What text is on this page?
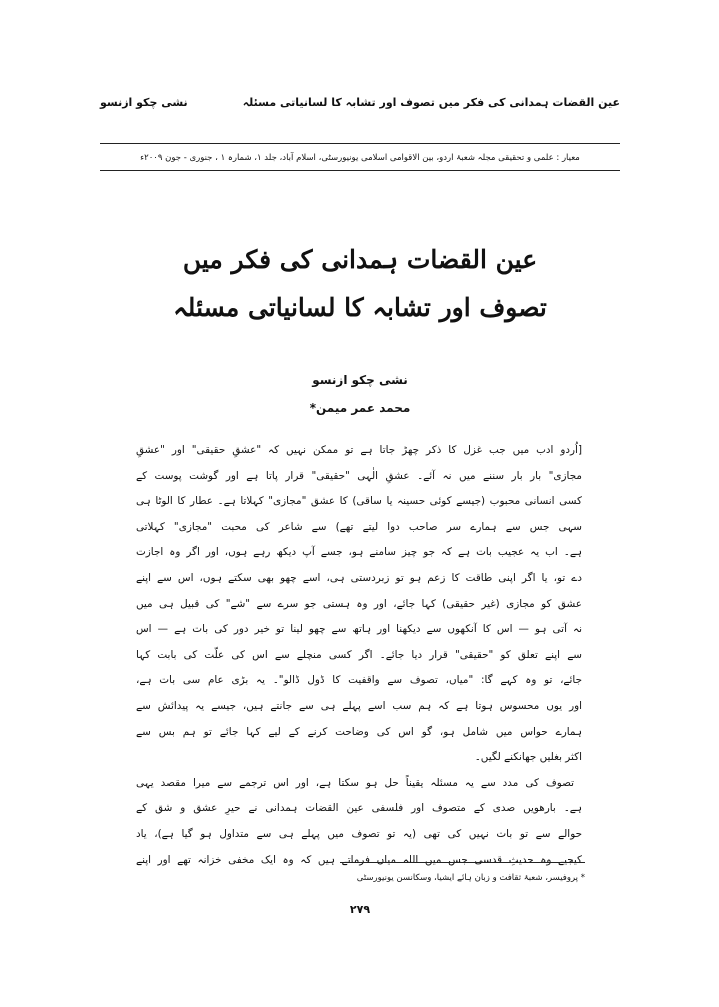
عین القضات ہمدانی کی فکر میں تصوف اور تشابہ کا لسانیاتی مسئلہ
نشی چکو ازنسو
معیار : علمی و تحقیقی مجلہ شعبۂ اردو، بین الاقوامی اسلامی یونیورسٹی، اسلام آباد، جلد ۱، شمارہ ۱ ، جنوری - جون ۲۰۰۹ء
عین القضات ہمدانی کی فکر میں
تصوف اور تشابہ کا لسانیاتی مسئلہ
نشی چکو ازنسو
محمد عمر میمن*
[اُردو ادب میں جب غزل کا ذکر چھڑ جاتا ہے تو ممکن نہیں کہ "عشقِ حقیقی" اور "عشقِ
مجازی" بار بار سننے میں نہ آئے۔ عشقِ الٰہی "حقیقی" قرار پاتا ہے اور گوشت پوست کے
کسی انسانی محبوب (جیسے کوئی حسینہ یا ساقی) کا عشق "مجازی" کہلاتا ہے۔ عطار کا الوٹا ہی
سہی جس سے ہمارے سر صاحب دوا لیتے تھے) سے شاعر کی محبت "مجازی" کہلاتی
ہے۔ اب یہ عجیب بات ہے کہ جو چیز سامنے ہو، جسے آپ دیکھ رہے ہوں، اور اگر وہ اجازت
دے تو، یا اگر اپنی طاقت کا زعم ہو تو زبردستی ہی، اسے چھو بھی سکتے ہوں، اس سے اپنے
عشق کو مجازی (غیر حقیقی) کہا جائے، اور وہ ہستی جو سرے سے "شے" کی قبیل ہی میں
نہ آتی ہو — اس کا آنکھوں سے دیکھنا اور ہاتھ سے چھو لینا تو خیر دور کی بات ہے — اس
سے اپنے تعلق کو "حقیقی" قرار دیا جائے۔ اگر کسی منچلے سے اس کی علّت کی بابت کہا
جائے، تو وہ کہے گا: "میاں، تصوف سے واقفیت کا ڈول ڈالو"۔ یہ بڑی عام سی بات ہے،
اور یوں محسوس ہوتا ہے کہ ہم سب اسے پہلے ہی سے جانتے ہیں، جیسے یہ پیدائش سے
ہمارے حواس میں شامل ہو، گو اس کی وضاحت کرنے کے لیے کہا جائے تو ہم بس سے
اکثر بغلیں جھانکنے لگیں۔
تصوف کی مدد سے یہ مسئلہ یقیناً حل ہو سکتا ہے، اور اس ترجمے سے میرا مقصد یہی
ہے۔ بارھویں صدی کے متصوف اور فلسفی عین القضات ہمدانی نے حیرِ عشق و شق کے
حوالے سے تو بات نہیں کی تھی (یہ تو تصوف میں پہلے ہی سے متداول ہو گیا ہے)، یاد
کیجیے وہ حدیثِ قدسی جس میں اللہ میاں فرماتے ہیں کہ وہ ایک مخفی خزانہ تھے اور اپنے
* پروفیسر، شعبۂ ثقافت و زبان ہائے ایشیا، وسکانسن یونیورسٹی
۲۷۹
